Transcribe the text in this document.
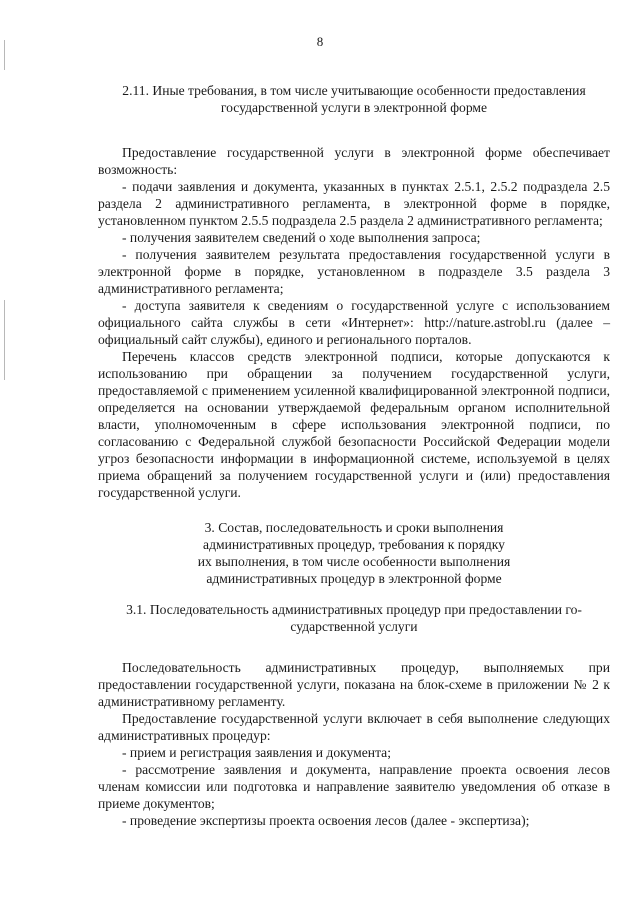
8
2.11. Иные требования, в том числе учитывающие особенности предоставления
государственной услуги в электронной форме

Предоставление государственной услуги в электронной форме обеспечивает возможность:

- подачи заявления и документа, указанных в пунктах 2.5.1, 2.5.2 подраздела 2.5 раздела 2 административного регламента, в электронной форме в порядке, установленном пунктом 2.5.5 подраздела 2.5 раздела 2 административного регламента;

- получения заявителем сведений о ходе выполнения запроса;

- получения заявителем результата предоставления государственной услуги в электронной форме в порядке, установленном в подразделе 3.5 раздела 3 административного регламента;

- доступа заявителя к сведениям о государственной услуге с использованием официального сайта службы в сети «Интернет»: http://nature.astrobl.ru (далее – официальный сайт службы), единого и регионального порталов.

Перечень классов средств электронной подписи, которые допускаются к использованию при обращении за получением государственной услуги, предоставляемой с применением усиленной квалифицированной электронной подписи, определяется на основании утверждаемой федеральным органом исполнительной власти, уполномоченным в сфере использования электронной подписи, по согласованию с Федеральной службой безопасности Российской Федерации модели угроз безопасности информации в информационной системе, используемой в целях приема обращений за получением государственной услуги и (или) предоставления государственной услуги.

3. Состав, последовательность и сроки выполнения
административных процедур, требования к порядку
их выполнения, в том числе особенности выполнения
административных процедур в электронной форме
3.1. Последовательность административных процедур при предоставлении го-
сударственной услуги

Последовательность административных процедур, выполняемых при предоставлении государственной услуги, показана на блок-схеме в приложении № 2 к административному регламенту.

Предоставление государственной услуги включает в себя выполнение следующих административных процедур:

- прием и регистрация заявления и документа;

- рассмотрение заявления и документа, направление проекта освоения лесов членам комиссии или подготовка и направление заявителю уведомления об отказе в приеме документов;

- проведение экспертизы проекта освоения лесов (далее - экспертиза);
